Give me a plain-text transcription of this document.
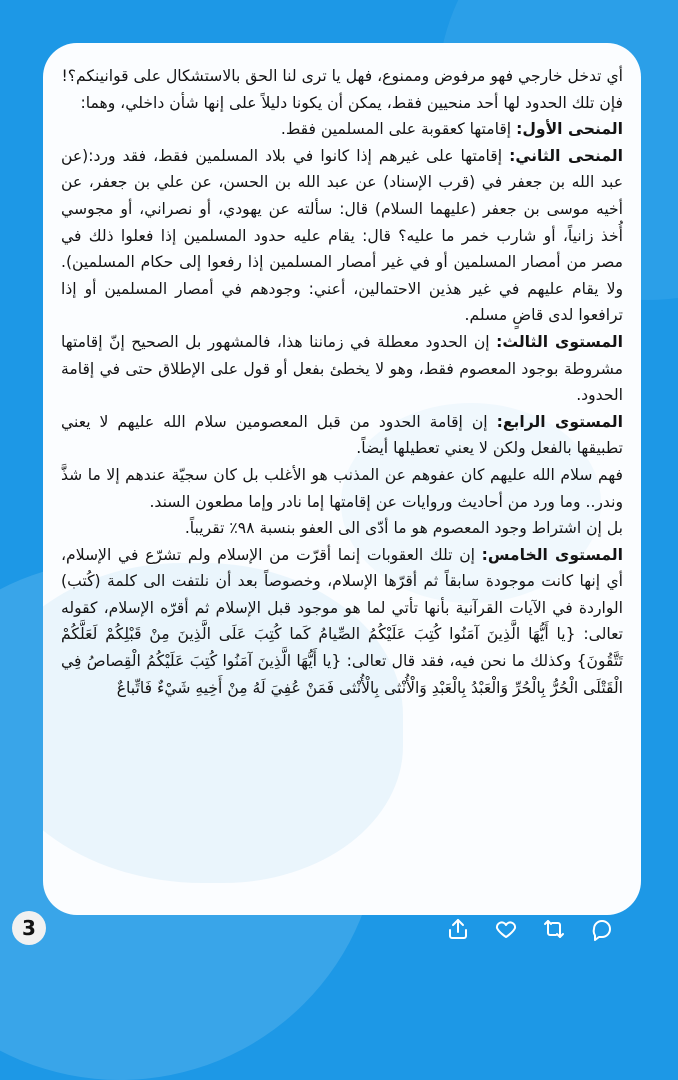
أي تدخل خارجي فهو مرفوض وممنوع، فهل يا ترى لنا الحق بالاستشكال على قوانينكم؟!

فإن تلك الحدود لها أحد منحيين فقط، يمكن أن يكونا دليلاً على إنها شأن داخلي، وهما:

المنحى الأول: إقامتها كعقوبة على المسلمين فقط.

المنحى الثاني: إقامتها على غيرهم إذا كانوا في بلاد المسلمين فقط، فقد ورد:(عن عبد الله بن جعفر في (قرب الإسناد) عن عبد الله بن الحسن، عن علي بن جعفر، عن أخيه موسى بن جعفر (عليهما السلام) قال: سألته عن يهودي، أو نصراني، أو مجوسي أُخذ زانياً، أو شارب خمر ما عليه؟ قال: يقام عليه حدود المسلمين إذا فعلوا ذلك في مصر من أمصار المسلمين أو في غير أمصار المسلمين إذا رفعوا إلى حكام المسلمين). ولا يقام عليهم في غير هذين الاحتمالين، أعني: وجودهم في أمصار المسلمين أو إذا ترافعوا لدى قاضٍ مسلم.

المستوى الثالث: إن الحدود معطلة في زماننا هذا، فالمشهور بل الصحيح إنّ إقامتها مشروطة بوجود المعصوم فقط، وهو لا يخطئ بفعل أو قول على الإطلاق حتى في إقامة الحدود.

المستوى الرابع: إن إقامة الحدود من قبل المعصومين سلام الله عليهم لا يعني تطبيقها بالفعل ولكن لا يعني تعطيلها أيضاً.

فهم سلام الله عليهم كان عفوهم عن المذنب هو الأغلب بل كان سجيّة عندهم إلا ما شذَّ وندر.. وما ورد من أحاديث وروايات عن إقامتها إما نادر وإما مطعون السند.

بل إن اشتراط وجود المعصوم هو ما أدّى الى العفو بنسبة ٩٨٪ تقريباً.

المستوى الخامس: إن تلك العقوبات إنما أقرّت من الإسلام ولم تشرّع في الإسلام، أي إنها كانت موجودة سابقاً ثم أقرّها الإسلام، وخصوصاً بعد أن نلتفت الى كلمة (كُتب) الواردة في الآيات القرآنية بأنها تأتي لما هو موجود قبل الإسلام ثم أقرّه الإسلام، كقوله تعالى: {يا أَيُّهَا الَّذِينَ آمَنُوا كُتِبَ عَلَيْكُمُ الصِّيامُ كَما كُتِبَ عَلَى الَّذِينَ مِنْ قَبْلِكُمْ لَعَلَّكُمْ تَتَّقُونَ} وكذلك ما نحن فيه، فقد قال تعالى: {يا أَيُّهَا الَّذِينَ آمَنُوا كُتِبَ عَلَيْكُمُ الْقِصاصُ فِي الْقَتْلَى الْحُرُّ بِالْحُرِّ وَالْعَبْدُ بِالْعَبْدِ وَالْأُنْثى بِالْأُنْثى فَمَنْ عُفِيَ لَهُ مِنْ أَخِيهِ شَيْءٌ فَاتِّباعٌ

3
